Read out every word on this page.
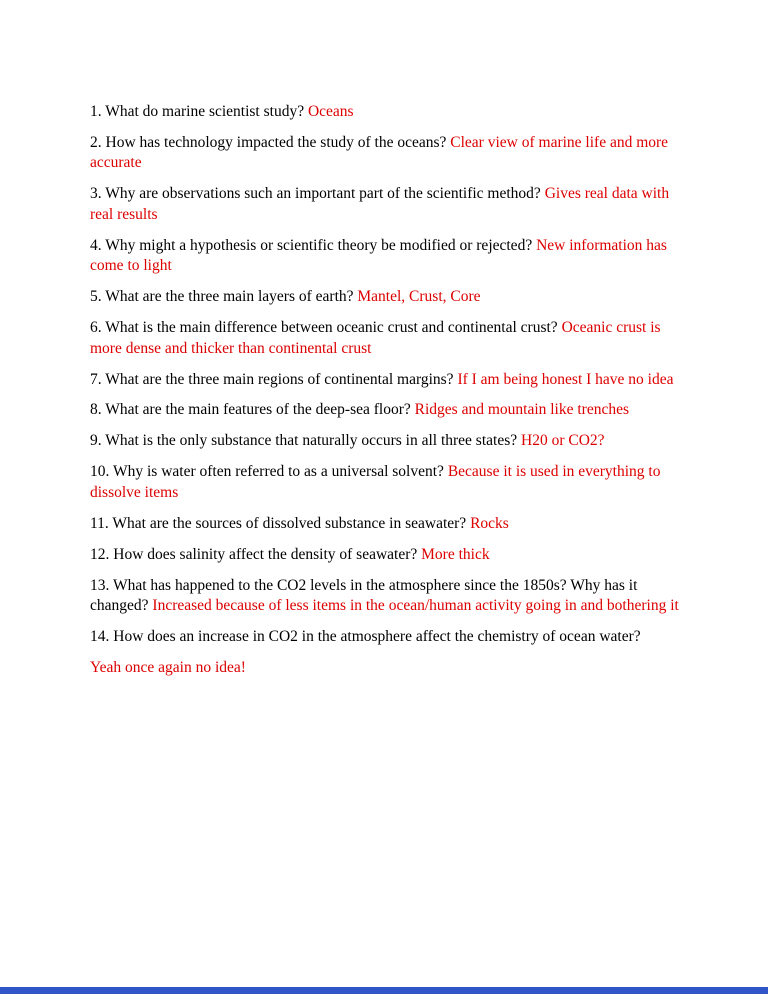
1. What do marine scientist study? Oceans

2. How has technology impacted the study of the oceans? Clear view of marine life and more accurate

3. Why are observations such an important part of the scientific method? Gives real data with real results

4. Why might a hypothesis or scientific theory be modified or rejected? New information has come to light

5. What are the three main layers of earth? Mantel, Crust, Core

6. What is the main difference between oceanic crust and continental crust? Oceanic crust is more dense and thicker than continental crust

7. What are the three main regions of continental margins? If I am being honest I have no idea

8. What are the main features of the deep-sea floor? Ridges and mountain like trenches

9. What is the only substance that naturally occurs in all three states? H20 or CO2?

10. Why is water often referred to as a universal solvent? Because it is used in everything to dissolve items

11. What are the sources of dissolved substance in seawater? Rocks

12. How does salinity affect the density of seawater? More thick

13. What has happened to the CO2 levels in the atmosphere since the 1850s? Why has it changed? Increased because of less items in the ocean/human activity going in and bothering it

14. How does an increase in CO2 in the atmosphere affect the chemistry of ocean water?

Yeah once again no idea!
